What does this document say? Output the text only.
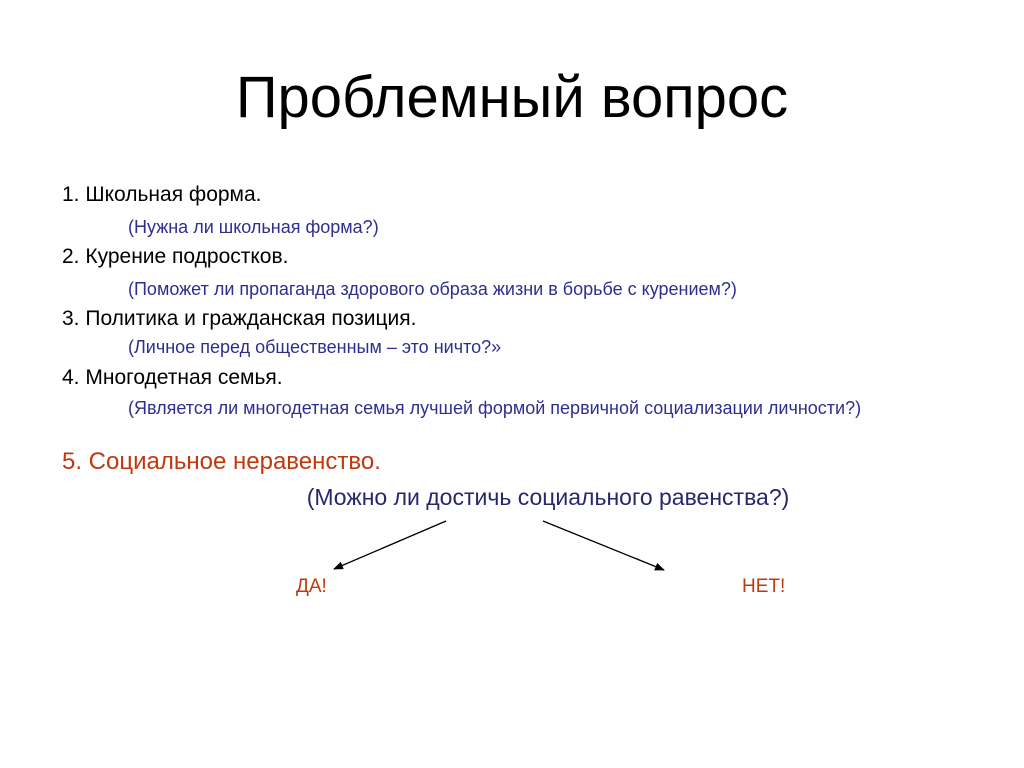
Проблемный вопрос
1. Школьная форма.
(Нужна ли школьная форма?)
2. Курение подростков.
(Поможет ли пропаганда здорового образа жизни в борьбе с курением?)
3. Политика и гражданская позиция.
(Личное перед общественным – это ничто?»
4. Многодетная семья.
(Является ли многодетная семья лучшей формой первичной социализации личности?)
5. Социальное неравенство.
(Можно ли достичь социального равенства?)
ДА!	НЕТ!
